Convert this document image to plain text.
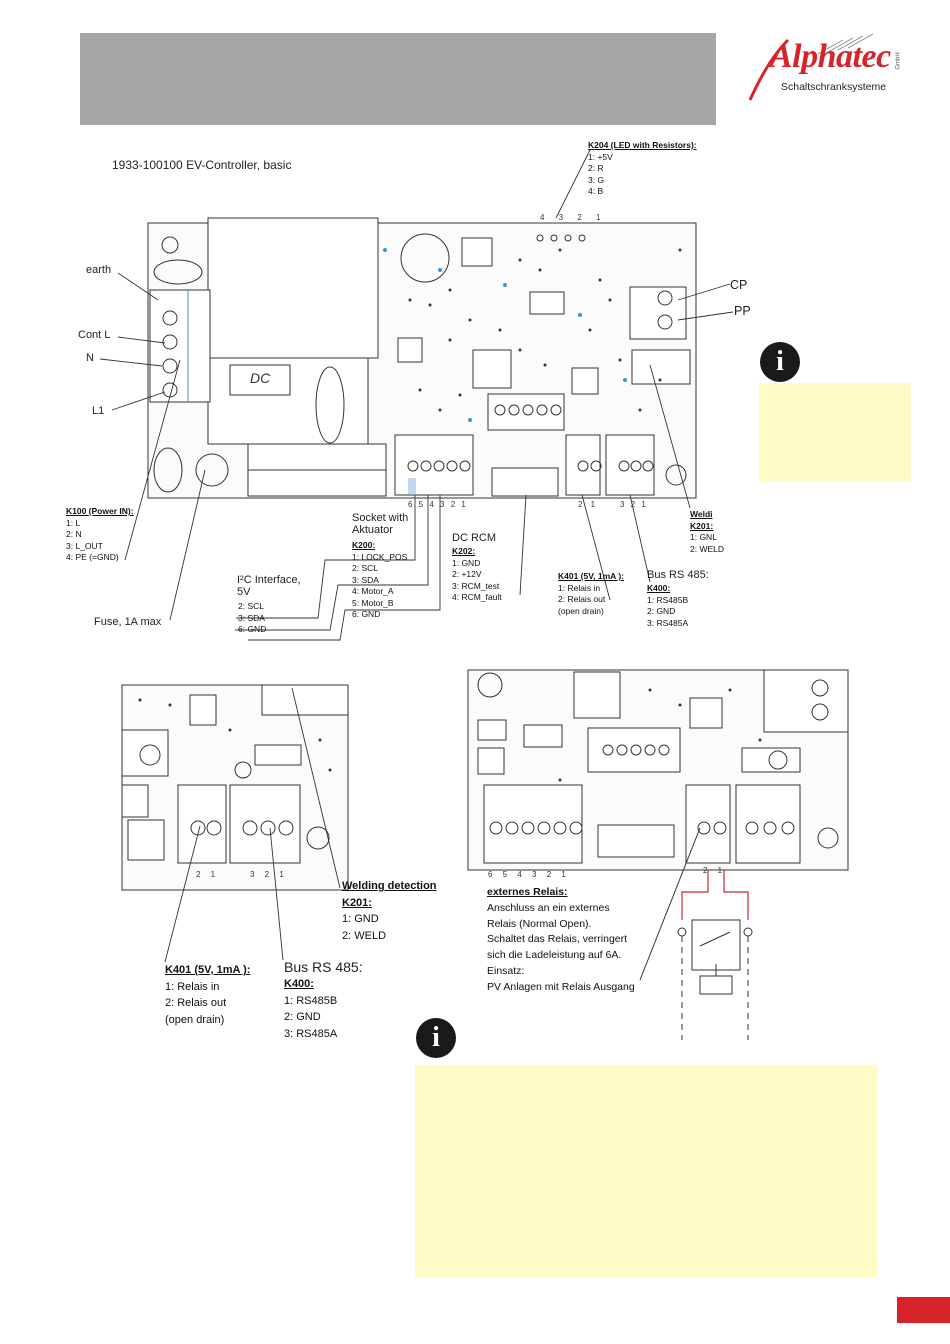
Alphatec GmbH
Schaltschranksysteme
1933-100100 EV-Controller, basic
earth
Cont L
N
L1
CP
PP
DC
4 3 2 1
6 5 4 3 2 1	2 1	3 2 1
K204 (LED with Resistors):
1: +5V
2: R
3: G
4: B
K100 (Power IN):
1: L
2: N
3: L_OUT
4: PE (=GND)
Socket with
Aktuator
K200:
1: LOCK_POS
2: SCL
3: SDA
4: Motor_A
5: Motor_B
6: GND
I²C Interface,
5V
2: SCL
3: SDA
6: GND
Fuse, 1A max
DC RCM
K202:
1: GND
2: +12V
3: RCM_test
4: RCM_fault
K401 (5V, 1mA ):
1: Relais in
2: Relais out
(open drain)
Bus RS 485:
K400:
1: RS485B
2: GND
3: RS485A
Weldi
K201:
1: GNL
2: WELD
i
2 1	3 2 1
Welding detection
K201:
1: GND
2: WELD
K401 (5V, 1mA ):
1: Relais in
2: Relais out
(open drain)
Bus RS 485:
K400:
1: RS485B
2: GND
3: RS485A
6 5 4 3 2 1	2 1
externes Relais:
Anschluss an ein externes
Relais (Normal Open).
Schaltet das Relais, verringert
sich die Ladeleistung auf 6A.
Einsatz:
PV Anlagen mit Relais Ausgang
i
